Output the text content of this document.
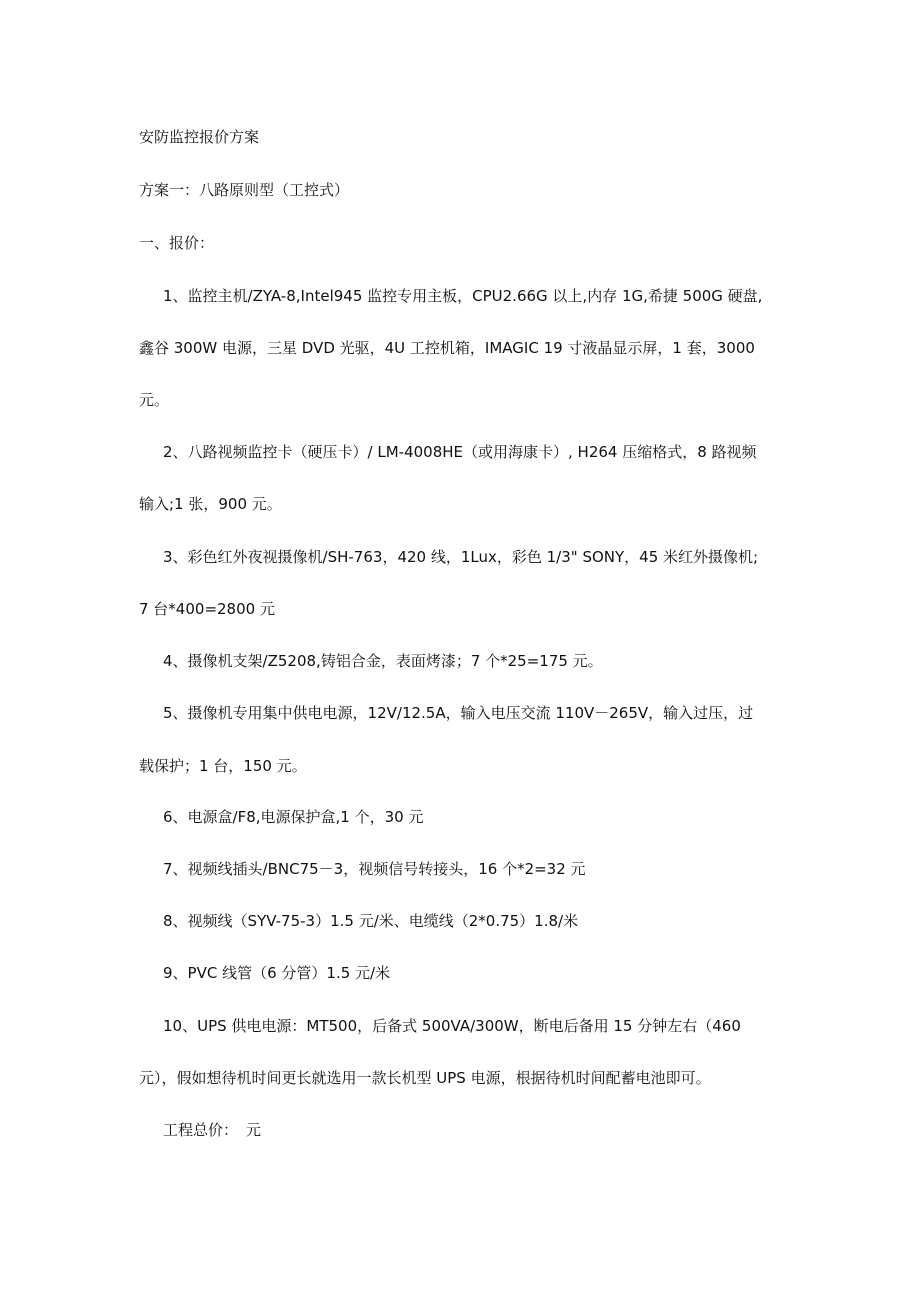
安防监控报价方案
方案一：八路原则型（工控式）
一、报价：
1、监控主机/ZYA-8,Intel945 监控专用主板，CPU2.66G 以上,内存 1G,希捷 500G 硬盘,
鑫谷 300W 电源，三星 DVD 光驱，4U 工控机箱，IMAGIC 19 寸液晶显示屏，1 套，3000
元。
2、八路视频监控卡（硬压卡）/ LM-4008HE（或用海康卡）, H264 压缩格式，8 路视频
输入;1 张，900 元。
3、彩色红外夜视摄像机/SH-763，420 线，1Lux，彩色 1/3" SONY，45 米红外摄像机;
7 台*400=2800 元
4、摄像机支架/Z5208,铸铝合金，表面烤漆；7 个*25=175 元。
5、摄像机专用集中供电电源，12V/12.5A，输入电压交流 110V－265V，输入过压，过
载保护；1 台，150 元。
6、电源盒/F8,电源保护盒,1 个，30 元
7、视频线插头/BNC75－3，视频信号转接头，16 个*2=32 元
8、视频线（SYV-75-3）1.5 元/米、电缆线（2*0.75）1.8/米
9、PVC 线管（6 分管）1.5 元/米
10、UPS 供电电源：MT500，后备式 500VA/300W，断电后备用 15 分钟左右（460
元），假如想待机时间更长就选用一款长机型 UPS 电源，根据待机时间配蓄电池即可。
工程总价： 元
